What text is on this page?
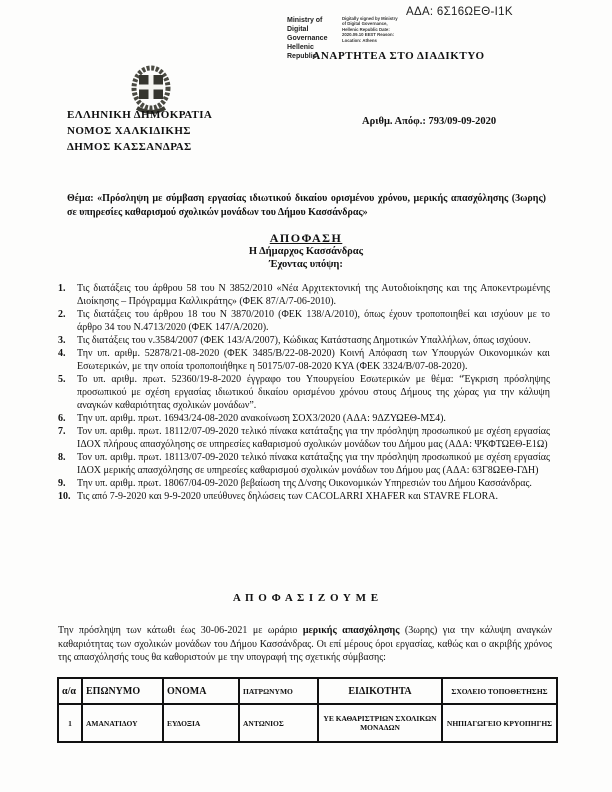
ΑΔΑ: 6Σ16ΩΕΘ-Ι1Κ
Ministry of Digital Governance Hellenic Republic
Digitally signed by Ministry of Digital Governance, Hellenic Republic Date: 2020.09.10 EEST Reason: Location: Athens
ΑΝΑΡΤΗΤΕΑ ΣΤΟ ΔΙΑΔΙΚΤΥΟ
ΕΛΛΗΝΙΚΗ ΔΗΜΟΚΡΑΤΙΑ
ΝΟΜΟΣ ΧΑΛΚΙΔΙΚΗΣ
ΔΗΜΟΣ ΚΑΣΣΑΝΔΡΑΣ
Αριθμ. Απόφ.: 793/09-09-2020
Θέμα: «Πρόσληψη με σύμβαση εργασίας ιδιωτικού δικαίου ορισμένου χρόνου, μερικής απασχόλησης (3ωρης) σε υπηρεσίες καθαρισμού σχολικών μονάδων του Δήμου Κασσάνδρας»
ΑΠΟΦΑΣΗ
Η Δήμαρχος Κασσάνδρας
Έχοντας υπόψη:
1.	Τις διατάξεις του άρθρου 58 του Ν 3852/2010 «Νέα Αρχιτεκτονική της Αυτοδιοίκησης και της Αποκεντρωμένης Διοίκησης – Πρόγραμμα Καλλικράτης» (ΦΕΚ 87/Α/7-06-2010).
2.	Τις διατάξεις του άρθρου 18 του Ν 3870/2010 (ΦΕΚ 138/Α/2010), όπως έχουν τροποποιηθεί και ισχύουν με το άρθρο 34 του Ν.4713/2020 (ΦΕΚ 147/Α/2020).
3.	Τις διατάξεις του ν.3584/2007 (ΦΕΚ 143/Α/2007), Κώδικας Κατάστασης Δημοτικών Υπαλλήλων, όπως ισχύουν.
4.	Την υπ. αριθμ. 52878/21-08-2020 (ΦΕΚ 3485/Β/22-08-2020) Κοινή Απόφαση των Υπουργών Οικονομικών και Εσωτερικών, με την οποία τροποποιήθηκε η 50175/07-08-2020 ΚΥΑ (ΦΕΚ 3324/Β/07-08-2020).
5.	Το υπ. αριθμ. πρωτ. 52360/19-8-2020 έγγραφο του Υπουργείου Εσωτερικών με θέμα: “Έγκριση πρόσληψης προσωπικού με σχέση εργασίας ιδιωτικού δικαίου ορισμένου χρόνου στους Δήμους της χώρας για την κάλυψη αναγκών καθαριότητας σχολικών μονάδων”.
6.	Την υπ. αριθμ. πρωτ. 16943/24-08-2020 ανακοίνωση ΣΟΧ3/2020 (ΑΔΑ: 9ΔΖΥΩΕΘ-ΜΣ4).
7.	Τον υπ. αριθμ. πρωτ. 18112/07-09-2020 τελικό πίνακα κατάταξης για την πρόσληψη προσωπικού με σχέση εργασίας ΙΔΟΧ πλήρους απασχόλησης σε υπηρεσίες καθαρισμού σχολικών μονάδων του Δήμου μας (ΑΔΑ: ΨΚΦΤΩΕΘ-Ε1Ω)
8.	Τον υπ. αριθμ. πρωτ. 18113/07-09-2020 τελικό πίνακα κατάταξης για την πρόσληψη προσωπικού με σχέση εργασίας ΙΔΟΧ μερικής απασχόλησης σε υπηρεσίες καθαρισμού σχολικών μονάδων του Δήμου μας (ΑΔΑ: 63Γ8ΩΕΘ-ΓΔΗ)
9.	Την υπ. αριθμ. πρωτ. 18067/04-09-2020 βεβαίωση της Δ/νσης Οικονομικών Υπηρεσιών του Δήμου Κασσάνδρας.
10. Τις από 7-9-2020 και 9-9-2020 υπεύθυνες δηλώσεις των CACOLARRI XHAFER και STAVRE FLORA.
Α Π Ο Φ Α Σ Ι Ζ Ο Υ Μ Ε
Την πρόσληψη των κάτωθι έως 30-06-2021 με ωράριο μερικής απασχόλησης (3ωρης) για την κάλυψη αναγκών καθαριότητας των σχολικών μονάδων του Δήμου Κασσάνδρας. Οι επί μέρους όροι εργασίας, καθώς και ο ακριβής χρόνος της απασχόλησής τους θα καθοριστούν με την υπογραφή της σχετικής σύμβασης:
α/α	ΕΠΩΝΥΜΟ	ΟΝΟΜΑ	ΠΑΤΡΩΝΥΜΟ	ΕΙΔΙΚΟΤΗΤΑ	ΣΧΟΛΕΙΟ ΤΟΠΟΘΕΤΗΣΗΣ
1	ΑΜΑΝΑΤΙΔΟΥ	ΕΥΔΟΞΙΑ	ΑΝΤΩΝΙΟΣ	ΥΕ ΚΑΘΑΡΙΣΤΡΙΩΝ ΣΧΟΛΙΚΩΝ ΜΟΝΑΔΩΝ	ΝΗΠΙΑΓΩΓΕΙΟ ΚΡΥΟΠΗΓΗΣ
